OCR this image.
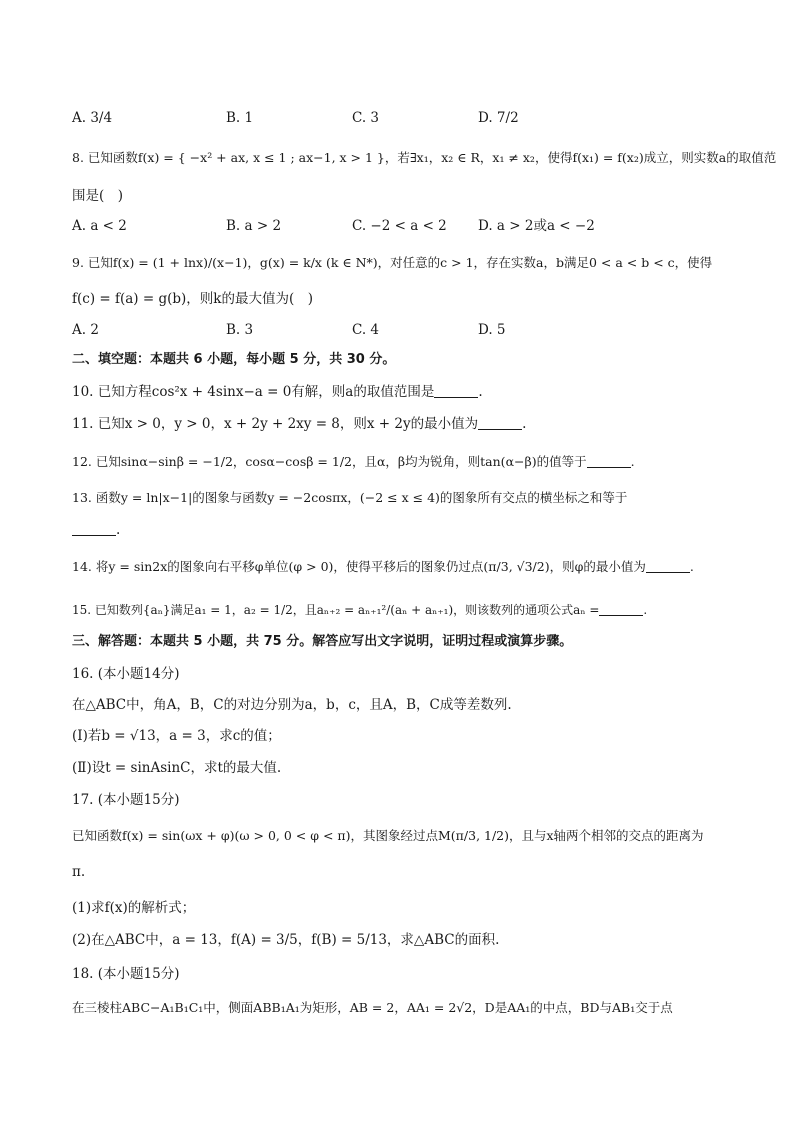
A. 3/4	B. 1	C. 3	D. 7/2
8. 已知函数f(x) = { −x² + ax, x ≤ 1 ; ax−1, x > 1 }，若∃x₁，x₂ ∈ R，x₁ ≠ x₂，使得f(x₁) = f(x₂)成立，则实数a的取值范
围是(　)
A. a < 2	B. a > 2	C. −2 < a < 2 D. a > 2或a < −2
9. 已知f(x) = (1 + lnx)/(x−1)，g(x) = k/x (k ∈ N*)，对任意的c > 1，存在实数a，b满足0 < a < b < c，使得
f(c) = f(a) = g(b)，则k的最大值为(　)
A. 2	B. 3	C. 4	D. 5
二、填空题：本题共 6 小题，每小题 5 分，共 30 分。
10. 已知方程cos²x + 4sinx−a = 0有解，则a的取值范围是	.
11. 已知x > 0，y > 0，x + 2y + 2xy = 8，则x + 2y的最小值为	.
12. 已知sinα−sinβ = −1/2，cosα−cosβ = 1/2，且α，β均为锐角，则tan(α−β)的值等于	.
13. 函数y = ln|x−1|的图象与函数y = −2cosπx，(−2 ≤ x ≤ 4)的图象所有交点的横坐标之和等于
.
14. 将y = sin2x的图象向右平移φ单位(φ > 0)，使得平移后的图象仍过点(π/3, √3/2)，则φ的最小值为	.
15. 已知数列{aₙ}满足a₁ = 1，a₂ = 1/2，且aₙ₊₂ = aₙ₊₁²/(aₙ + aₙ₊₁)，则该数列的通项公式aₙ =	.
三、解答题：本题共 5 小题，共 75 分。解答应写出文字说明，证明过程或演算步骤。
16. (本小题14分)
在△ABC中，角A，B，C的对边分别为a，b，c，且A，B，C成等差数列.
(Ⅰ)若b = √13，a = 3，求c的值；
(Ⅱ)设t = sinAsinC，求t的最大值.
17. (本小题15分)
已知函数f(x) = sin(ωx + φ)(ω > 0, 0 < φ < π)，其图象经过点M(π/3, 1/2)，且与x轴两个相邻的交点的距离为
π.
(1)求f(x)的解析式；
(2)在△ABC中，a = 13，f(A) = 3/5，f(B) = 5/13，求△ABC的面积.
18. (本小题15分)
在三棱柱ABC−A₁B₁C₁中，侧面ABB₁A₁为矩形，AB = 2，AA₁ = 2√2，D是AA₁的中点，BD与AB₁交于点
